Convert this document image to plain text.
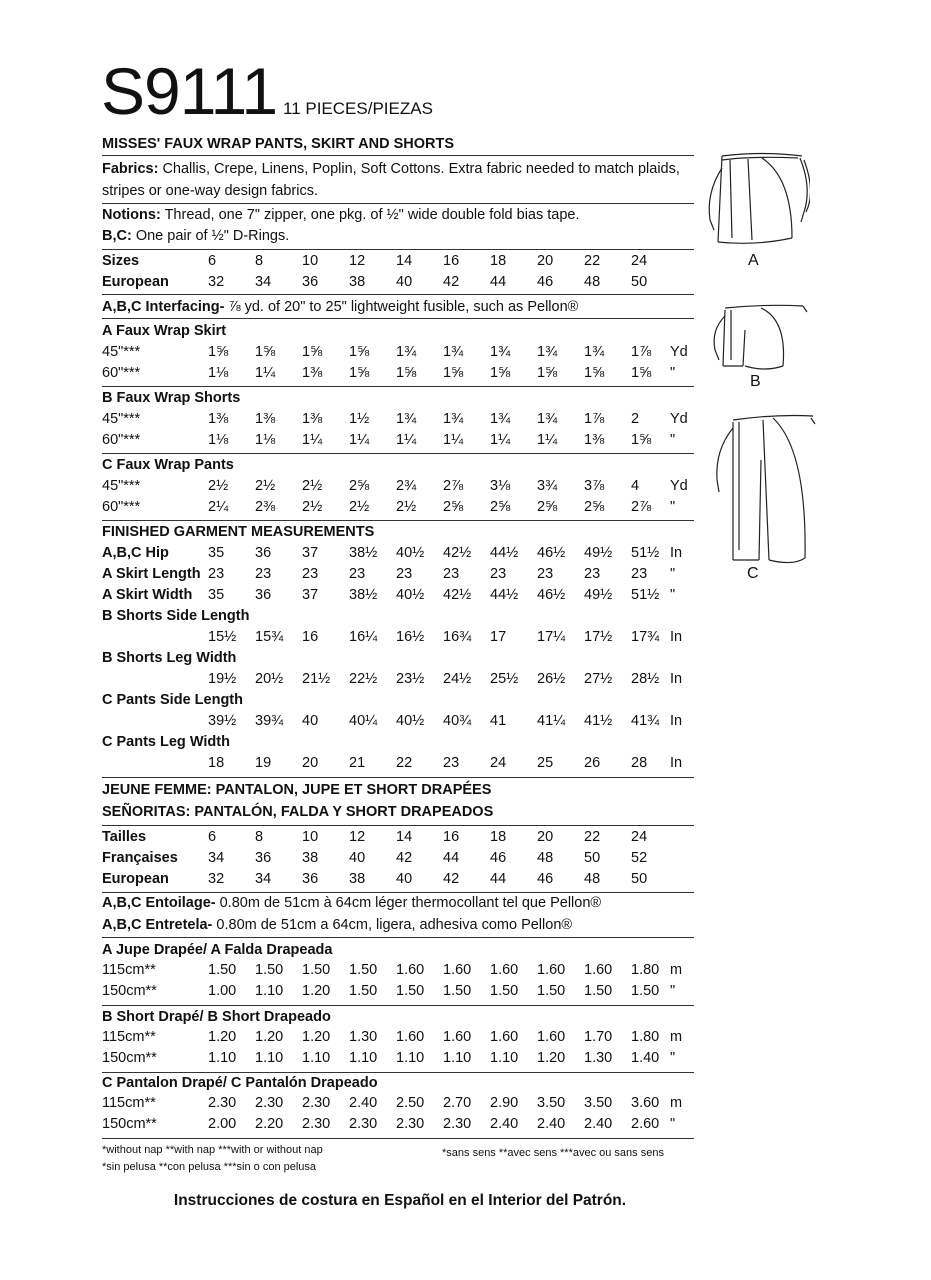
S9111 11 PIECES/PIEZAS
MISSES' FAUX WRAP PANTS, SKIRT AND SHORTS
Fabrics: Challis, Crepe, Linens, Poplin, Soft Cottons. Extra fabric needed to match plaids,
stripes or one-way design fabrics.
Notions: Thread, one 7" zipper, one pkg. of ½" wide double fold bias tape.
B,C: One pair of ½" D-Rings.
Sizes	6	8	10 12 14 16 18 20 22 24
European	32 34 36 38 40 42 44 46 48 50
A,B,C Interfacing- ⅞ yd. of 20" to 25" lightweight fusible, such as Pellon®
A Faux Wrap Skirt
45"***	1⅝ 1⅝ 1⅝ 1⅝ 1¾ 1¾ 1¾ 1¾ 1¾ 1⅞ Yd
60"***	1⅛ 1¼ 1⅜ 1⅝ 1⅝ 1⅝ 1⅝ 1⅝ 1⅝ 1⅝ "
B Faux Wrap Shorts
45"***	1⅜ 1⅜ 1⅜ 1½ 1¾ 1¾ 1¾ 1¾ 1⅞ 2 Yd
60"***	1⅛ 1⅛ 1¼ 1¼ 1¼ 1¼ 1¼ 1¼ 1⅜ 1⅝ "
C Faux Wrap Pants
45"***	2½ 2½ 2½ 2⅝ 2¾ 2⅞ 3⅛ 3¾ 3⅞ 4 Yd
60"***	2¼ 2⅜ 2½ 2½ 2½ 2⅝ 2⅝ 2⅝ 2⅝ 2⅞ "
FINISHED GARMENT MEASUREMENTS
A,B,C Hip	35 36 37 38½ 40½ 42½ 44½ 46½ 49½ 51½ In
A Skirt Length 23 23 23 23 23 23 23 23 23 23 "
A Skirt Width 35 36 37 38½ 40½ 42½ 44½ 46½ 49½ 51½ "
B Shorts Side Length
15½ 15¾ 16 16¼ 16½ 16¾ 17 17¼ 17½ 17¾ In
B Shorts Leg Width
19½ 20½ 21½ 22½ 23½ 24½ 25½ 26½ 27½ 28½ In
C Pants Side Length
39½ 39¾ 40 40¼ 40½ 40¾ 41 41¼ 41½ 41¾ In
C Pants Leg Width
18 19 20 21 22 23 24 25 26 28 In
JEUNE FEMME: PANTALON, JUPE ET SHORT DRAPÉES
SEÑORITAS: PANTALÓN, FALDA Y SHORT DRAPEADOS
Tailles	6	8	10 12 14 16 18 20 22 24
Françaises 34 36 38 40 42 44 46 48 50 52
European	32 34 36 38 40 42 44 46 48 50
A,B,C Entoilage- 0.80m de 51cm à 64cm léger thermocollant tel que Pellon®
A,B,C Entretela- 0.80m de 51cm a 64cm, ligera, adhesiva como Pellon®
A Jupe Drapée/ A Falda Drapeada
115cm**	1.50 1.50 1.50 1.50 1.60 1.60 1.60 1.60 1.60 1.80 m
150cm**	1.00 1.10 1.20 1.50 1.50 1.50 1.50 1.50 1.50 1.50 "
B Short Drapé/ B Short Drapeado
115cm**	1.20 1.20 1.20 1.30 1.60 1.60 1.60 1.60 1.70 1.80 m
150cm**	1.10 1.10 1.10 1.10 1.10 1.10 1.10 1.20 1.30 1.40 "
C Pantalon Drapé/ C Pantalón Drapeado
115cm**	2.30 2.30 2.30 2.40 2.50 2.70 2.90 3.50 3.50 3.60 m
150cm**	2.00 2.20 2.30 2.30 2.30 2.30 2.40 2.40 2.40 2.60 "
*without nap **with nap ***with or without nap
*sin pelusa **con pelusa ***sin o con pelusa
*sans sens **avec sens ***avec ou sans sens
Instrucciones de costura en Español en el Interior del Patrón.
A
B
C
